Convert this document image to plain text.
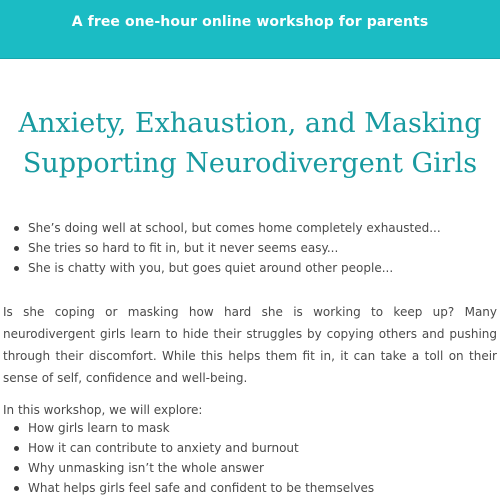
A free one-hour online workshop for parents
Anxiety, Exhaustion, and Masking
Supporting Neurodivergent Girls
She’s doing well at school, but comes home completely exhausted...
She tries so hard to fit in, but it never seems easy...
She is chatty with you, but goes quiet around other people...

Is she coping or masking how hard she is working to keep up? Many neurodivergent girls learn to hide their struggles by copying others and pushing through their discomfort. While this helps them fit in, it can take a toll on their sense of self, confidence and well-being.

In this workshop, we will explore:

How girls learn to mask
How it can contribute to anxiety and burnout
Why unmasking isn’t the whole answer
What helps girls feel safe and confident to be themselves
